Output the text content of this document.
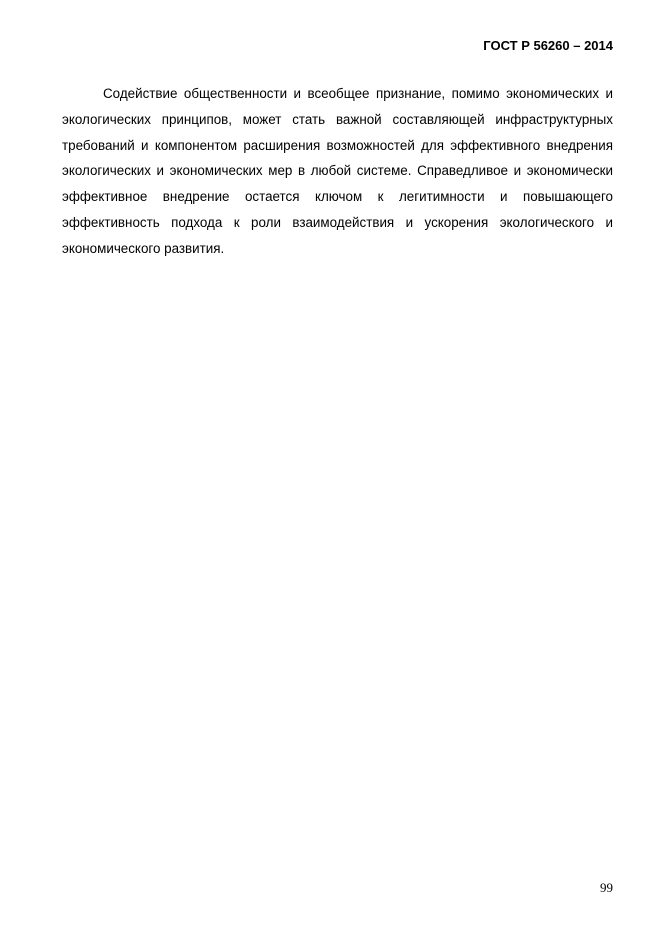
ГОСТ Р 56260 – 2014

Содействие общественности и всеобщее признание, помимо экономических и экологических принципов, может стать важной составляющей инфраструктурных требований и компонентом расширения возможностей для эффективного внедрения экологических и экономических мер в любой системе. Справедливое и экономически эффективное внедрение остается ключом к легитимности и повышающего эффективность подхода к роли взаимодействия и ускорения экологического и экономического развития.

99
